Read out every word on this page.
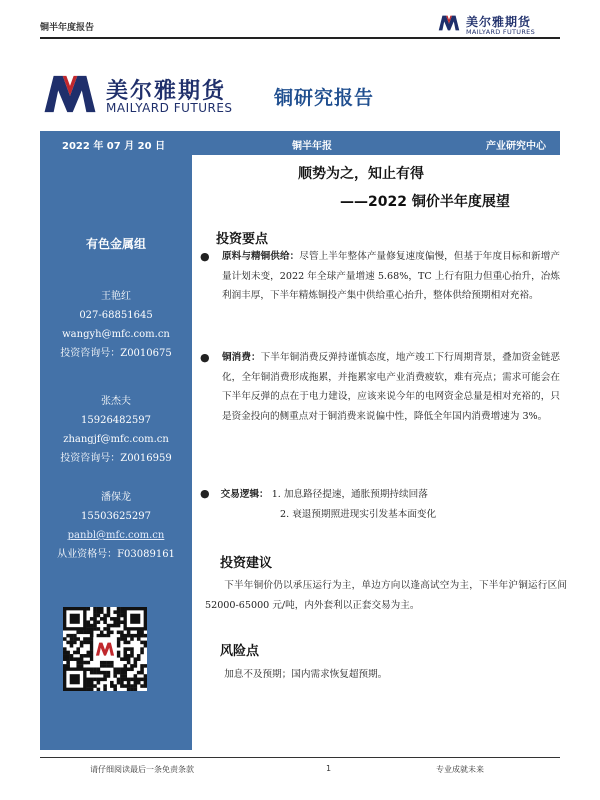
铜半年度报告	美尔雅期货
MAILYARD FUTURES
美尔雅期货
MAILYARD FUTURES 铜研究报告
2022 年 07 月 20 日	铜半年报	产业研究中心
有色金属组
王艳红
027-68851645
wangyh@mfc.com.cn
投资咨询号：Z0010675
张杰夫
15926482597
zhangjf@mfc.com.cn
投资咨询号：Z0016959
潘保龙
15503625297
panbl@mfc.com.cn
从业资格号：F03089161
顺势为之，知止有得
——2022 铜价半年度展望
投资要点
● 原料与精铜供给：尽管上半年整体产量修复速度偏慢，但基于年度目标和新增产量计划未变，2022 年全球产量增速 5.68%，TC 上行有阻力但重心抬升，冶炼利润丰厚，下半年精炼铜投产集中供给重心抬升，整体供给预期相对充裕。
● 铜消费：下半年铜消费反弹持谨慎态度，地产竣工下行周期背景，叠加资金链恶化，全年铜消费形成拖累，并拖累家电产业消费疲软，难有亮点；需求可能会在下半年反弹的点在于电力建设，应该来说今年的电网资金总量是相对充裕的，只是资金投向的侧重点对于铜消费来说偏中性，降低全年国内消费增速为 3%。
● 交易逻辑： 1. 加息路径提速，通胀预期持续回落
2. 衰退预期照进现实引发基本面变化
投资建议
下半年铜价仍以承压运行为主，单边方向以逢高试空为主，下半年沪铜运行区间 52000-65000 元/吨，内外套利以正套交易为主。
风险点
加息不及预期；国内需求恢复超预期。
请仔细阅读最后一条免责条款	1	专业成就未来
